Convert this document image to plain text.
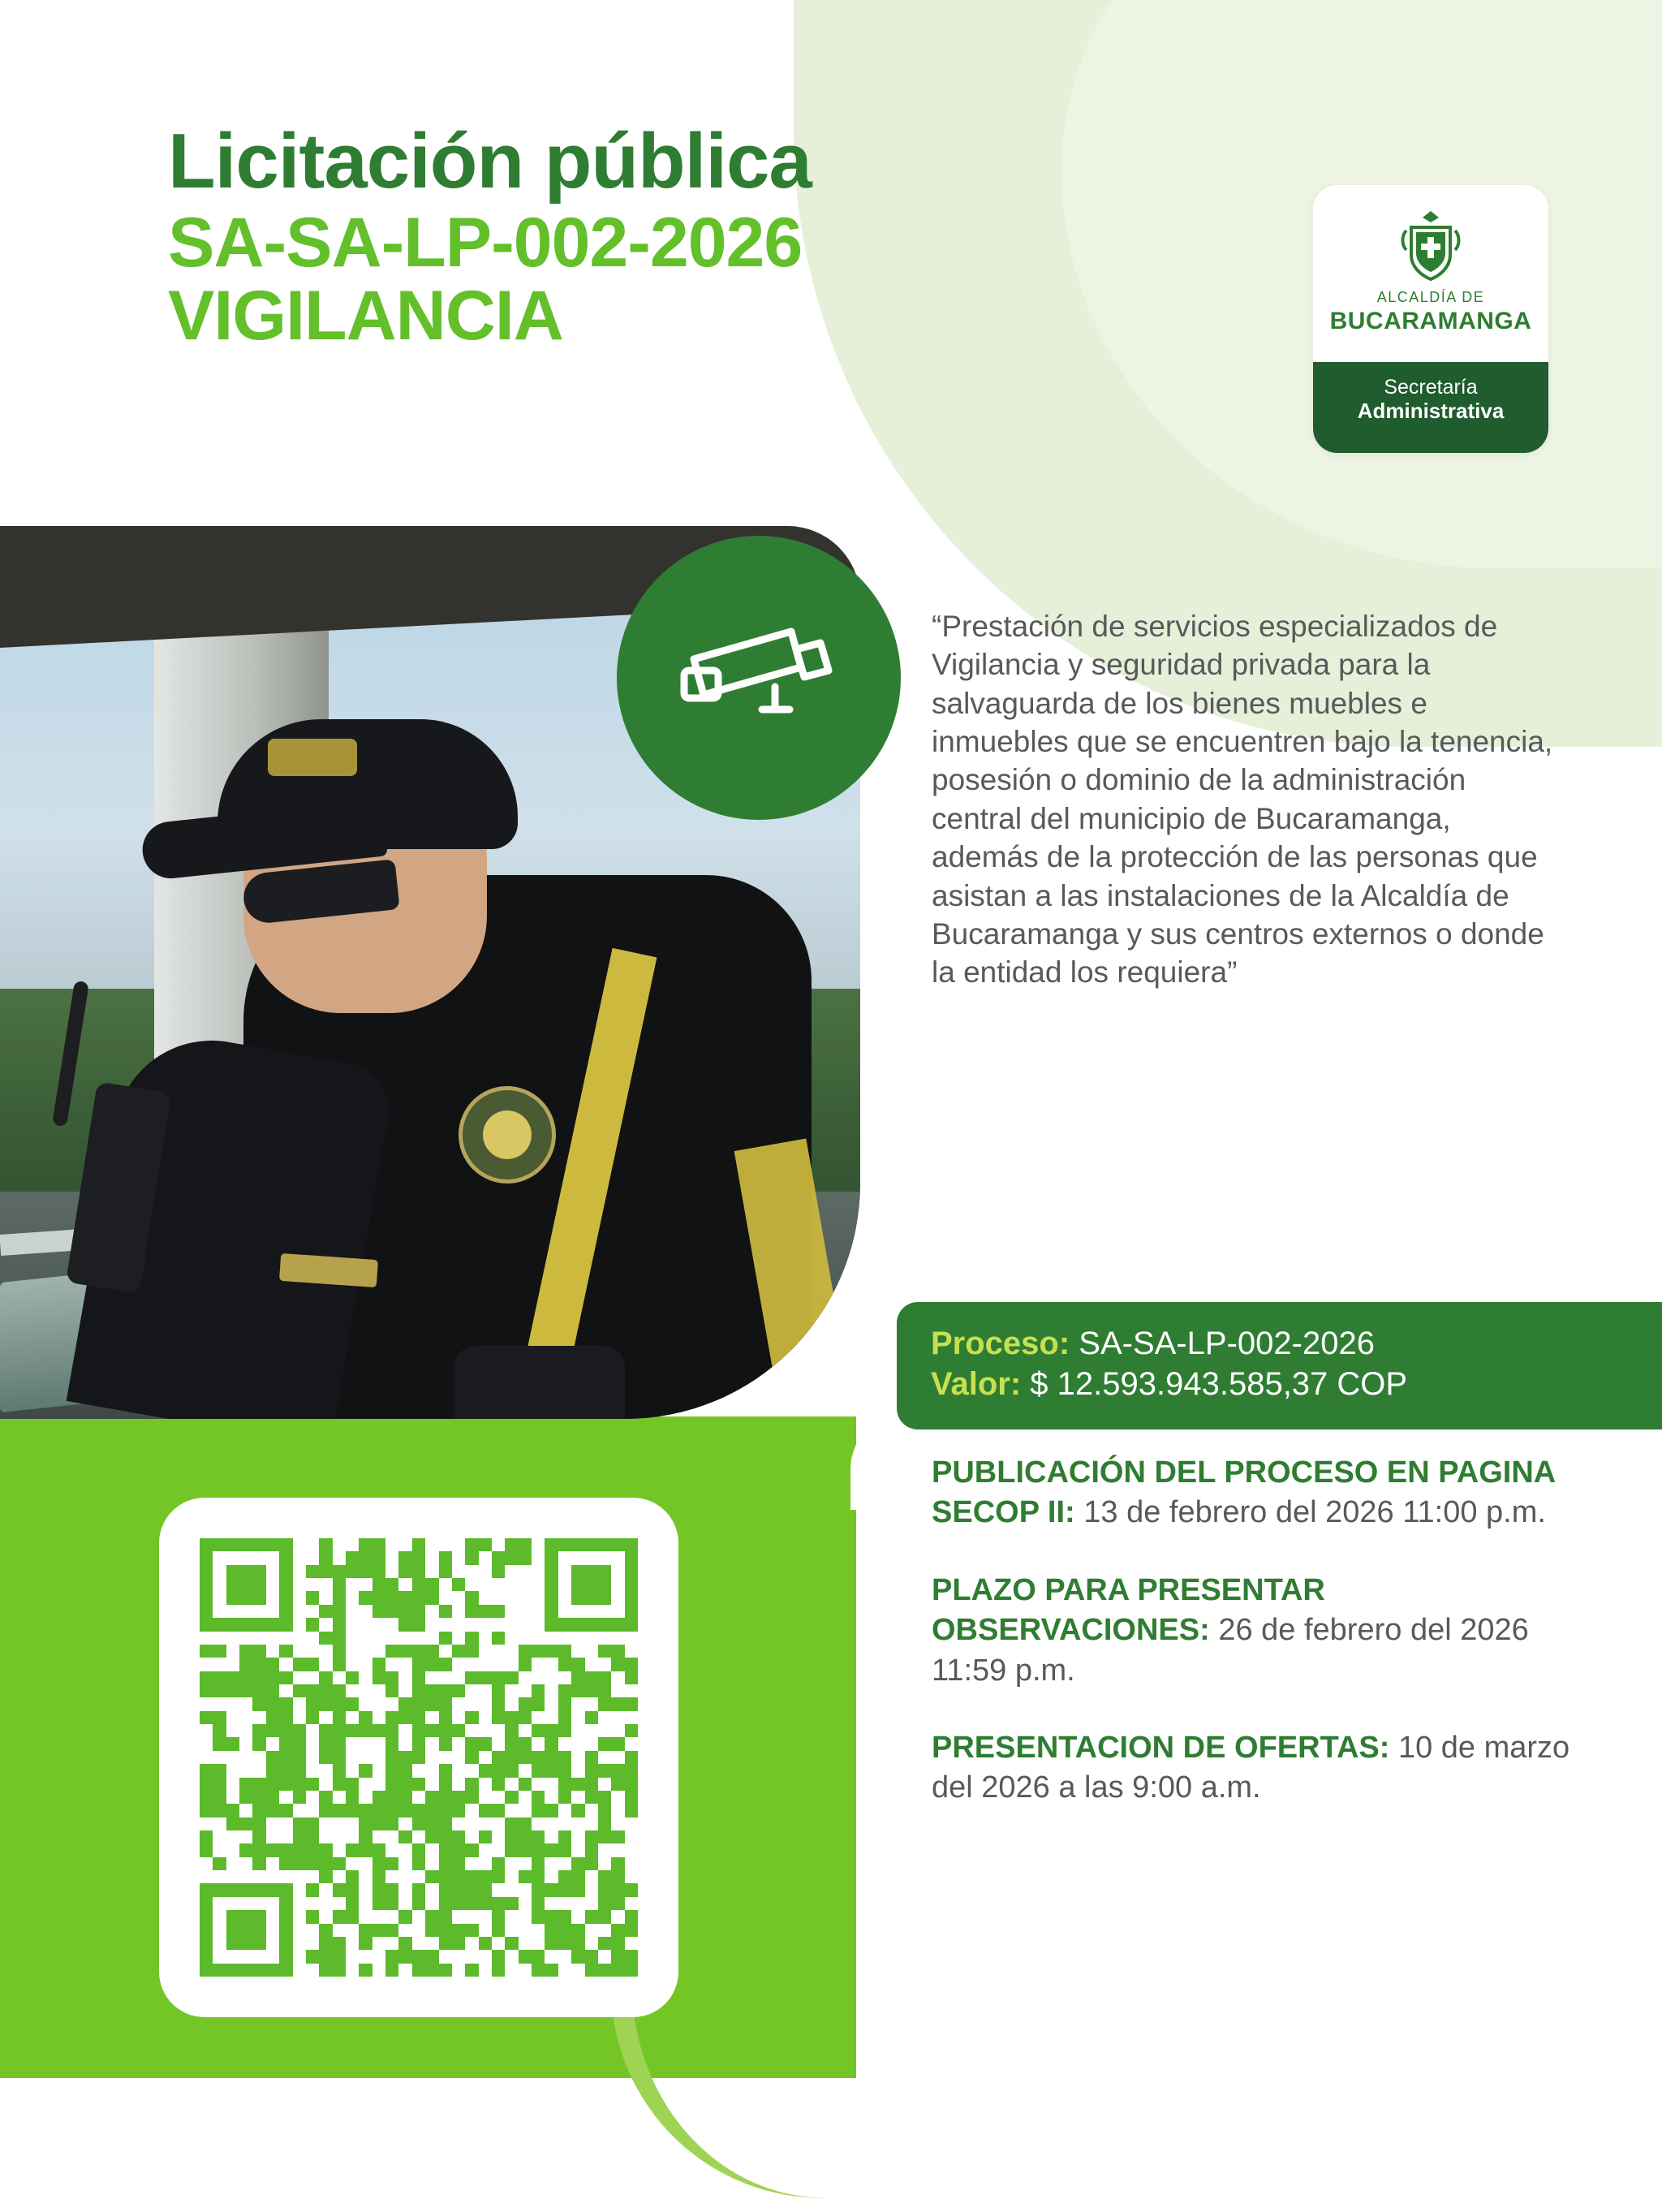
Licitación pública
SA-SA-LP-002-2026
VIGILANCIA	ALCALDÍA DE
BUCARAMANGA
Secretaría
Administrativa
“Prestación de servicios especializados de Vigilancia y seguridad privada para la salvaguarda de los bienes muebles e inmuebles que se encuentren bajo la tenencia, posesión o dominio de la administración central del municipio de Bucaramanga, además de la protección de las personas que asistan a las instalaciones de la Alcaldía de Bucaramanga y sus centros externos o donde la entidad los requiera”
Proceso: SA-SA-LP-002-2026
Valor: $ 12.593.943.585,37 COP
PUBLICACIÓN DEL PROCESO EN PAGINA SECOP II: 13 de febrero del 2026 11:00 p.m.
PLAZO PARA PRESENTAR OBSERVACIONES: 26 de febrero del 2026 11:59 p.m.
PRESENTACION DE OFERTAS: 10 de marzo del 2026 a las 9:00 a.m.
